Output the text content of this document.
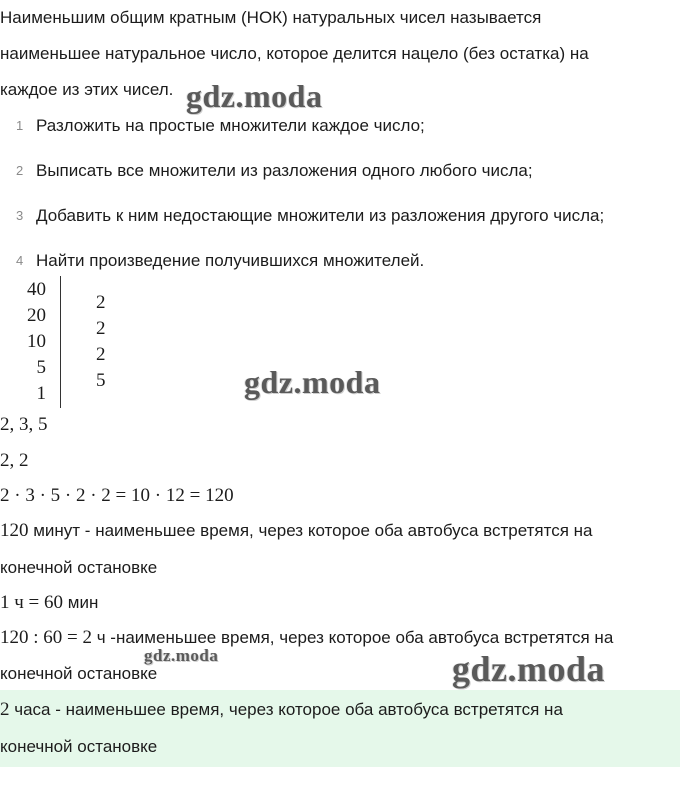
Наименьшим общим кратным (НОК) натуральных чисел называется
наименьшее натуральное число, которое делится нацело (без остатка) на
каждое из этих чисел. gdz.moda
1 Разложить на простые множители каждое число;
2 Выписать все множители из разложения одного любого числа;
3 Добавить к ним недостающие множители из разложения другого числа;
4 Найти произведение получившихся множителей.
40
20
10
5
1
2
2
2
5	gdz.moda
2, 3, 5
2, 2
2 · 3 · 5 · 2 · 2 = 10 · 12 = 120
120 минут - наименьшее время, через которое оба автобуса встретятся на
конечной остановке
1 ч = 60 мин
120 : 60 = 2 ч -наименьшее время, через которое оба автобуса встретятся на
конечной остановке
gdz.moda	gdz.moda
2 часа - наименьшее время, через которое оба автобуса встретятся на
конечной остановке
